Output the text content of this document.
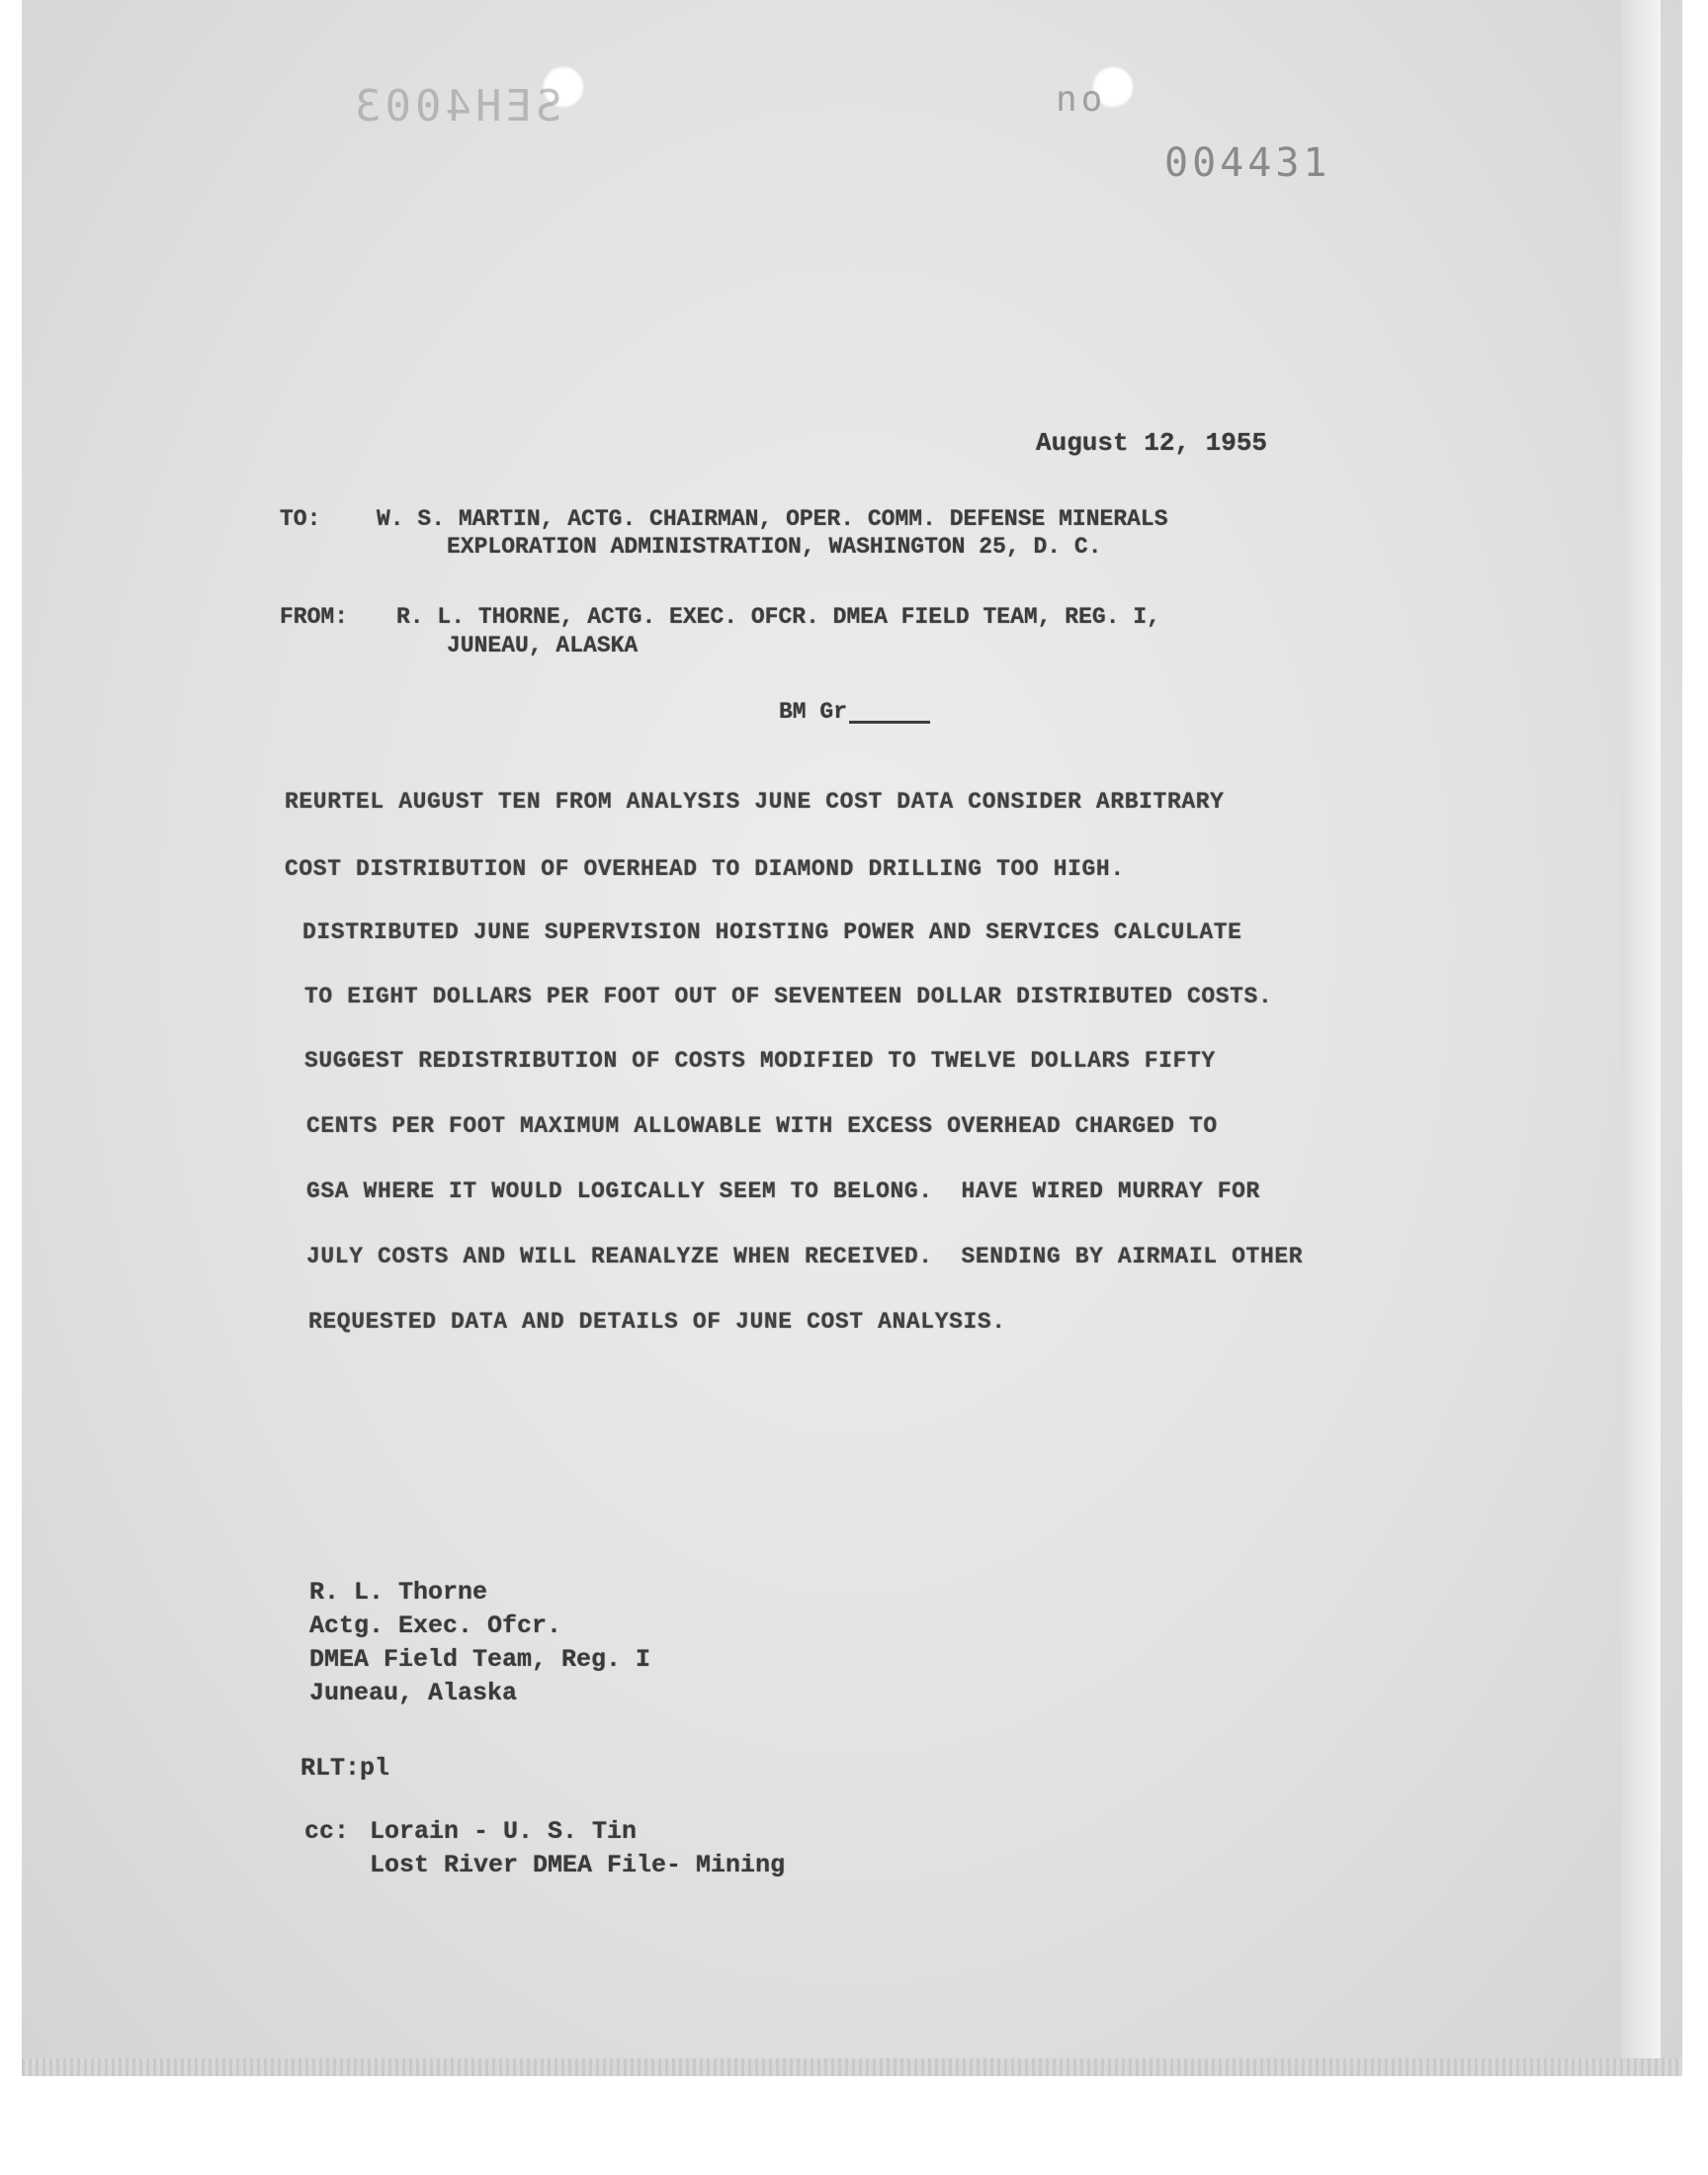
SEH4003	no
004431
August 12, 1955
TO: W. S. MARTIN, ACTG. CHAIRMAN, OPER. COMM. DEFENSE MINERALS
EXPLORATION ADMINISTRATION, WASHINGTON 25, D. C.
FROM: R. L. THORNE, ACTG. EXEC. OFCR. DMEA FIELD TEAM, REG. I,
JUNEAU, ALASKA
BM Gr
REURTEL AUGUST TEN FROM ANALYSIS JUNE COST DATA CONSIDER ARBITRARY
COST DISTRIBUTION OF OVERHEAD TO DIAMOND DRILLING TOO HIGH.
DISTRIBUTED JUNE SUPERVISION HOISTING POWER AND SERVICES CALCULATE
TO EIGHT DOLLARS PER FOOT OUT OF SEVENTEEN DOLLAR DISTRIBUTED COSTS.
SUGGEST REDISTRIBUTION OF COSTS MODIFIED TO TWELVE DOLLARS FIFTY
CENTS PER FOOT MAXIMUM ALLOWABLE WITH EXCESS OVERHEAD CHARGED TO
GSA WHERE IT WOULD LOGICALLY SEEM TO BELONG.  HAVE WIRED MURRAY FOR
JULY COSTS AND WILL REANALYZE WHEN RECEIVED.  SENDING BY AIRMAIL OTHER
REQUESTED DATA AND DETAILS OF JUNE COST ANALYSIS.
R. L. Thorne
Actg. Exec. Ofcr.
DMEA Field Team, Reg. I
Juneau, Alaska
RLT:pl
cc: Lorain - U. S. Tin
Lost River DMEA File- Mining
